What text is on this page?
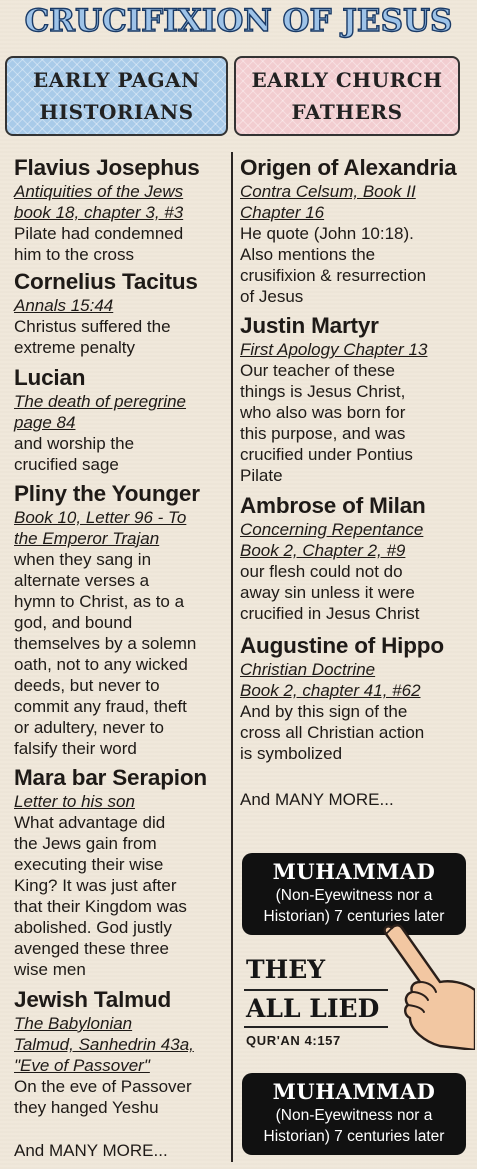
CRUCIFIXION OF JESUS
EARLY PAGAN
HISTORIANS
EARLY CHURCH
FATHERS
Flavius Josephus
Antiquities of the Jews
book 18, chapter 3, #3
Pilate had condemned
him to the cross
Cornelius Tacitus
Annals 15:44
Christus suffered the
extreme penalty
Lucian
The death of peregrine
page 84
and worship the
crucified sage
Pliny the Younger
Book 10, Letter 96 - To
the Emperor Trajan
when they sang in
alternate verses a
hymn to Christ, as to a
god, and bound
themselves by a solemn
oath, not to any wicked
deeds, but never to
commit any fraud, theft
or adultery, never to
falsify their word
Mara bar Serapion
Letter to his son
What advantage did
the Jews gain from
executing their wise
King? It was just after
that their Kingdom was
abolished. God justly
avenged these three
wise men
Jewish Talmud
The Babylonian
Talmud, Sanhedrin 43a,
"Eve of Passover"
On the eve of Passover
they hanged Yeshu
And MANY MORE...
Origen of Alexandria
Contra Celsum, Book II
Chapter 16
He quote (John 10:18).
Also mentions the
crusifixion & resurrection
of Jesus
Justin Martyr
First Apology Chapter 13
Our teacher of these
things is Jesus Christ,
who also was born for
this purpose, and was
crucified under Pontius
Pilate
Ambrose of Milan
Concerning Repentance
Book 2, Chapter 2, #9
our flesh could not do
away sin unless it were
crucified in Jesus Christ
Augustine of Hippo
Christian Doctrine
Book 2, chapter 41, #62
And by this sign of the
cross all Christian action
is symbolized
And MANY MORE...
MUHAMMAD
(Non-Eyewitness nor a
Historian) 7 centuries later
THEY
ALL LIED
QUR'AN 4:157
MUHAMMAD
(Non-Eyewitness nor a
Historian) 7 centuries later
